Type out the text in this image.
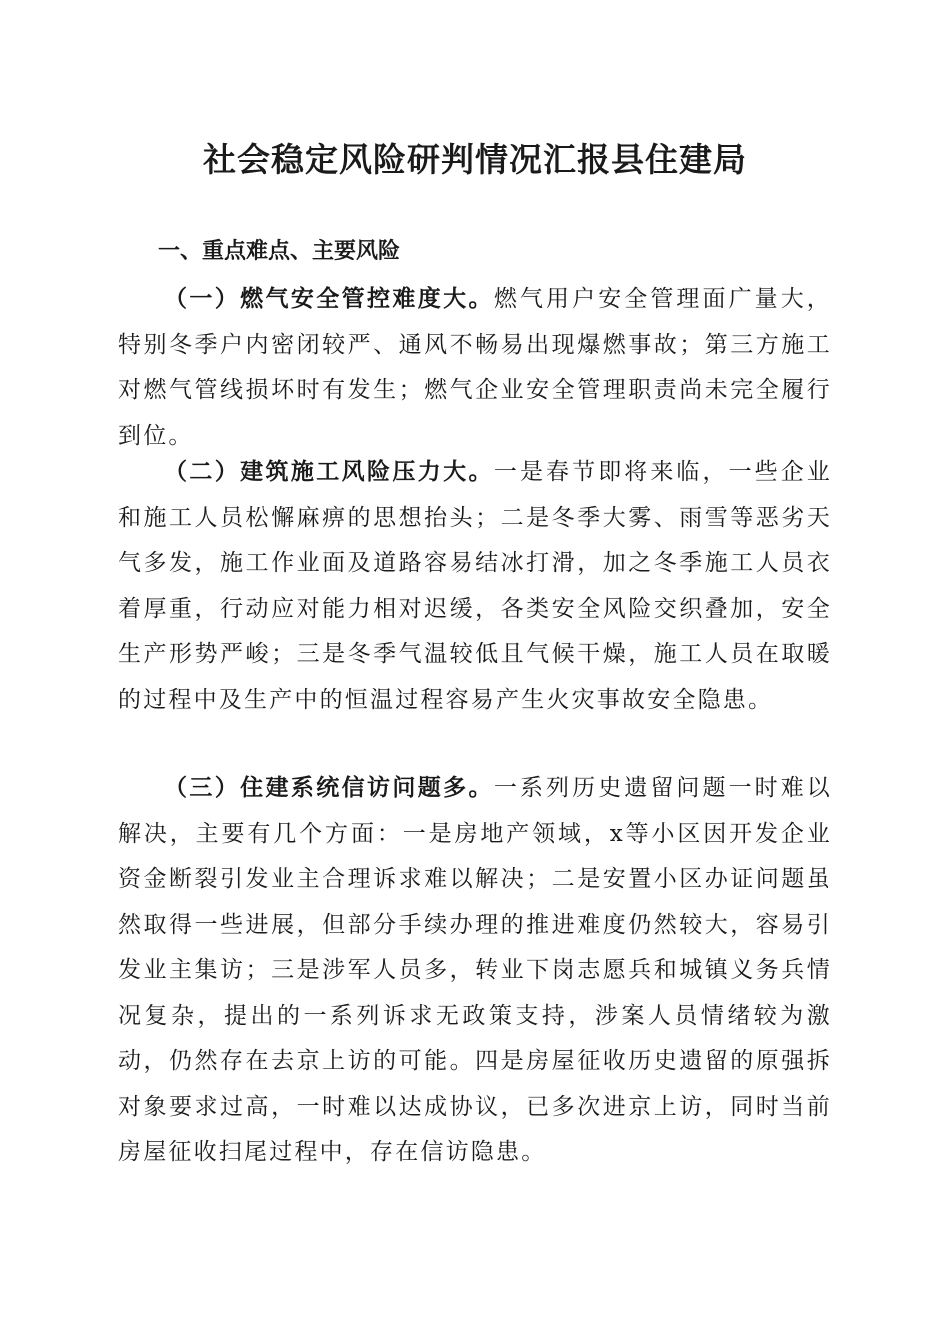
社会稳定风险研判情况汇报县住建局
一、重点难点、主要风险

（一）燃气安全管控难度大。燃气用户安全管理面广量大，特别冬季户内密闭较严、通风不畅易出现爆燃事故；第三方施工对燃气管线损坏时有发生；燃气企业安全管理职责尚未完全履行到位。

（二）建筑施工风险压力大。一是春节即将来临，一些企业和施工人员松懈麻痹的思想抬头；二是冬季大雾、雨雪等恶劣天气多发，施工作业面及道路容易结冰打滑，加之冬季施工人员衣着厚重，行动应对能力相对迟缓，各类安全风险交织叠加，安全生产形势严峻；三是冬季气温较低且气候干燥，施工人员在取暖的过程中及生产中的恒温过程容易产生火灾事故安全隐患。

（三）住建系统信访问题多。一系列历史遗留问题一时难以解决，主要有几个方面：一是房地产领域，x等小区因开发企业资金断裂引发业主合理诉求难以解决；二是安置小区办证问题虽然取得一些进展，但部分手续办理的推进难度仍然较大，容易引发业主集访；三是涉军人员多，转业下岗志愿兵和城镇义务兵情况复杂，提出的一系列诉求无政策支持，涉案人员情绪较为激动，仍然存在去京上访的可能。四是房屋征收历史遗留的原强拆对象要求过高，一时难以达成协议，已多次进京上访，同时当前房屋征收扫尾过程中，存在信访隐患。
